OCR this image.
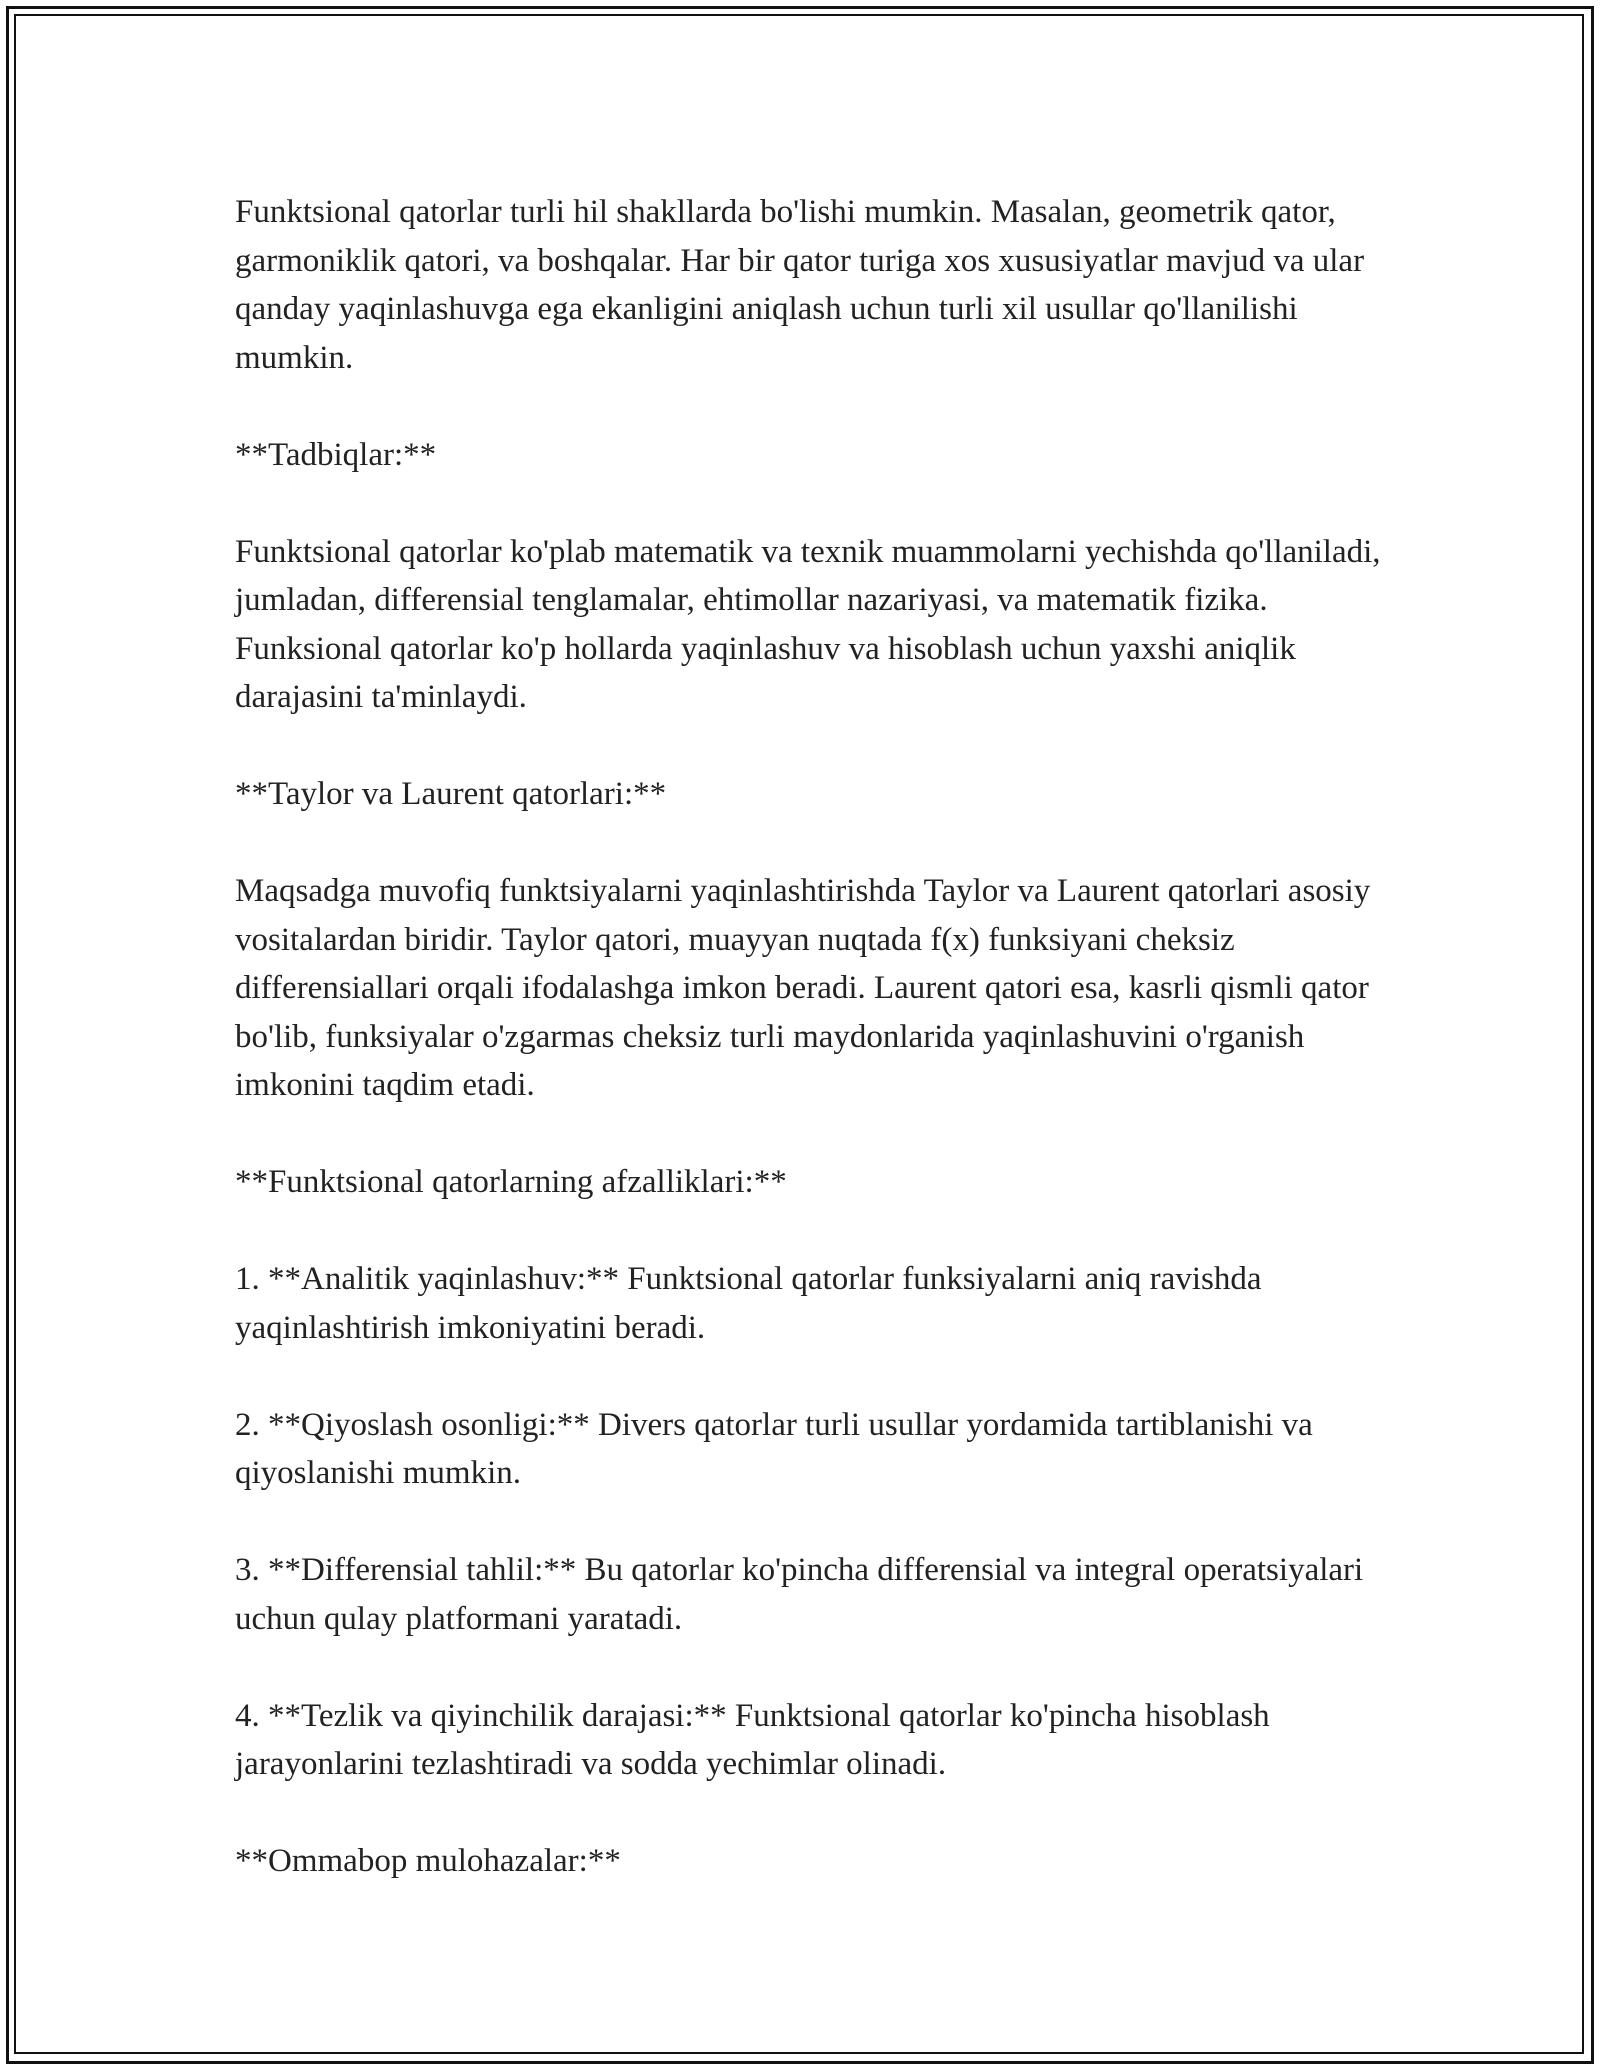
Funktsional qatorlar turli hil shakllarda bo'lishi mumkin. Masalan, geometrik qator, garmoniklik qatori, va boshqalar. Har bir qator turiga xos xususiyatlar mavjud va ular qanday yaqinlashuvga ega ekanligini aniqlash uchun turli xil usullar qo'llanilishi mumkin.

**Tadbiqlar:**

Funktsional qatorlar ko'plab matematik va texnik muammolarni yechishda qo'llaniladi, jumladan, differensial tenglamalar, ehtimollar nazariyasi, va matematik fizika. Funksional qatorlar ko'p hollarda yaqinlashuv va hisoblash uchun yaxshi aniqlik darajasini ta'minlaydi.

**Taylor va Laurent qatorlari:**

Maqsadga muvofiq funktsiyalarni yaqinlashtirishda Taylor va Laurent qatorlari asosiy vositalardan biridir. Taylor qatori, muayyan nuqtada f(x) funksiyani cheksiz differensiallari orqali ifodalashga imkon beradi. Laurent qatori esa, kasrli qismli qator bo'lib, funksiyalar o'zgarmas cheksiz turli maydonlarida yaqinlashuvini o'rganish imkonini taqdim etadi.

**Funktsional qatorlarning afzalliklari:**

1. **Analitik yaqinlashuv:** Funktsional qatorlar funksiyalarni aniq ravishda yaqinlashtirish imkoniyatini beradi.

2. **Qiyoslash osonligi:** Divers qatorlar turli usullar yordamida tartiblanishi va qiyoslanishi mumkin.

3. **Differensial tahlil:** Bu qatorlar ko'pincha differensial va integral operatsiyalari uchun qulay platformani yaratadi.

4. **Tezlik va qiyinchilik darajasi:** Funktsional qatorlar ko'pincha hisoblash jarayonlarini tezlashtiradi va sodda yechimlar olinadi.

**Ommabop mulohazalar:**
